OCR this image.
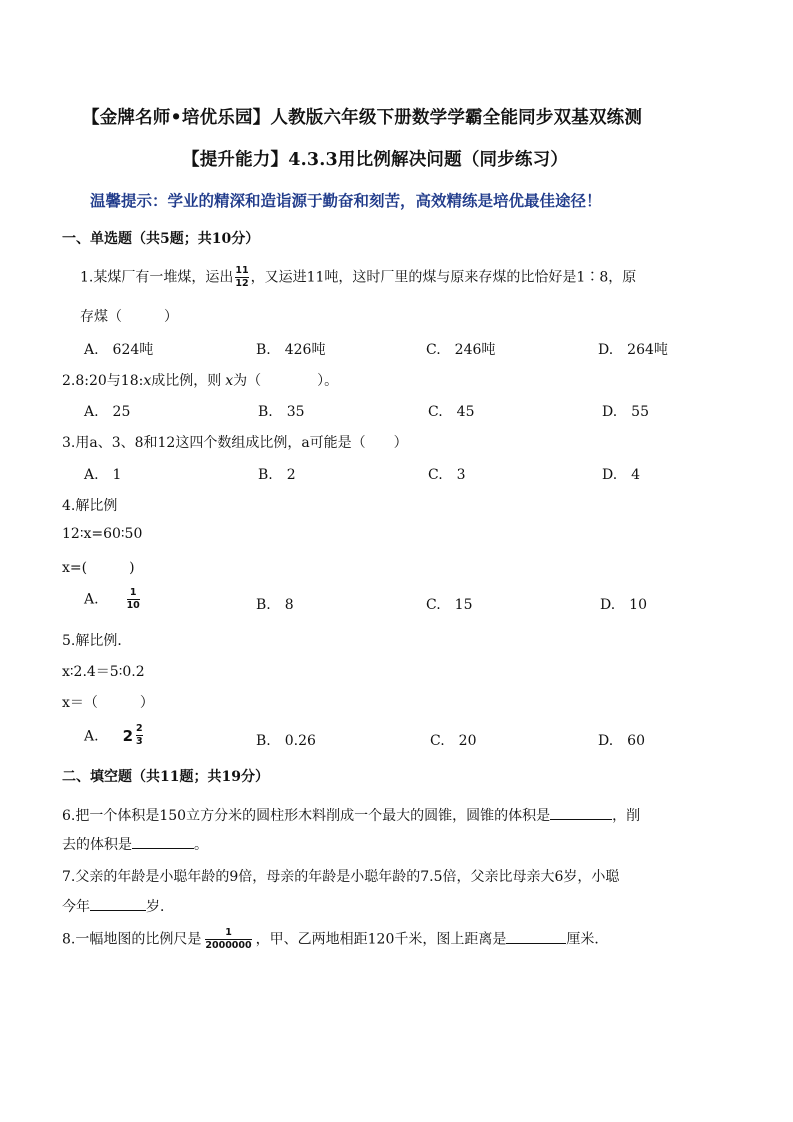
【金牌名师•培优乐园】人教版六年级下册数学学霸全能同步双基双练测
【提升能力】4.3.3用比例解决问题（同步练习）
温馨提示：学业的精深和造诣源于勤奋和刻苦，高效精练是培优最佳途径！
一、单选题（共5题；共10分）
1.某煤厂有一堆煤，运出 $\frac{11}{12}$ ，又运进11吨，这时厂里的煤与原来存煤的比恰好是1∶8，原
存煤（　　　）
A.　624吨	B.　426吨	C.　246吨	D.　264吨
2.8:20与18:x成比例，则 x为（　　　　）。
A.　25	B.　35	C.　45	D.　55
3.用a、3、8和12这四个数组成比例，a可能是（　　）
A.　1	B.　2	C.　3	D.　4
4.解比例
12∶x=60∶50
x=(　　　)
A.	$\frac{1}{10}$	B.　8	C.　15	D.　10
5.解比例．
x∶2.4＝5∶0.2
x＝（　　　）
A. $2 \frac{2}{3}$	B.　0.26	C.　20	D.　60
二、填空题（共11题；共19分）
6.把一个体积是150立方分米的圆柱形木料削成一个最大的圆锥，圆锥的体积是	，削
去的体积是	。
7.父亲的年龄是小聪年龄的9倍，母亲的年龄是小聪年龄的7.5倍，父亲比母亲大6岁，小聪
今年	岁．
8.一幅地图的比例尺是 $\frac{1}{2000000}$ ，甲、乙两地相距120千米，图上距离是	厘米．
